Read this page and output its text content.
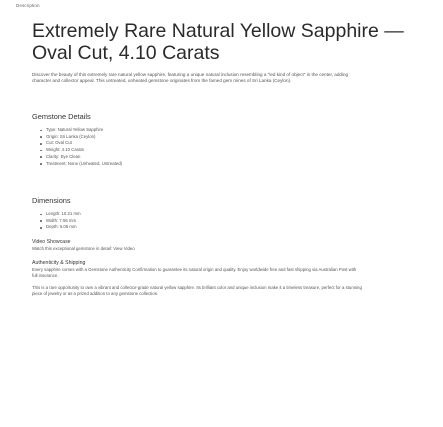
Description
Extremely Rare Natural Yellow Sapphire — Oval Cut, 4.10 Carats

Discover the beauty of this extremely rare natural yellow sapphire, featuring a unique natural inclusion resembling a "led kind of object" in the center, adding character and collector appeal. This untreated, unheated gemstone originates from the famed gem mines of Sri Lanka (Ceylon).

Gemstone Details
Type: Natural Yellow Sapphire
Origin: Sri Lanka (Ceylon)
Cut: Oval Cut
Weight: 4.10 Carats
Clarity: Eye Clean
Treatment: None (Unheated, Untreated)
Dimensions
Length: 10.21 mm
Width: 7.56 mm
Depth: 6.06 mm
Video Showcase

Watch this exceptional gemstone in detail: View Video

Authenticity & Shipping

Every sapphire comes with a Gemstone Authenticity Confirmation to guarantee its natural origin and quality. Enjoy worldwide free and fast shipping via Australian Post with full insurance.

This is a rare opportunity to own a vibrant and collector-grade natural yellow sapphire. Its brilliant color and unique inclusion make it a timeless treasure, perfect for a stunning piece of jewelry or as a prized addition to any gemstone collection.
